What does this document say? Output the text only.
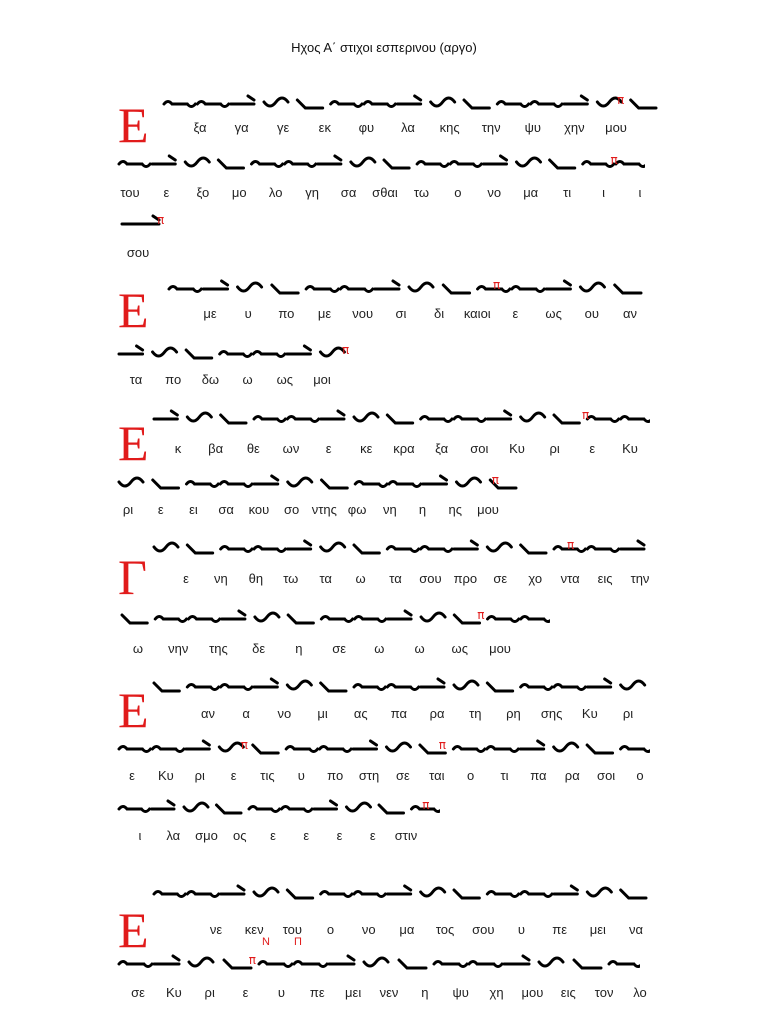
Ηχος Α΄ στιχοι εσπερινου (αργο)
Ε	π
π
π
ξα γα γε εκ φυ λα κης την ψυ χην μου
του ε ξο μο λο γη σα σθαι τω ο νο μα τι ι	ι
σου
Ε	π
π
με υ πο με νου σι δι καιοι ε ως ου αν
τα πο δω ω ως μοι
Ε	π
π
κ βα θε ων ε κε κρα ξα σοι Κυ ρι ε Κυ
ρι ε ει σα κου σο ντης φω νη η ης μου
Γ
π
π
ε νη θη τω τα ω τα σου προ σε χο ντα εις την
ω νην της δε η σε ω ω ως μου
Ε
π	π
π
αν α νο μι ας πα ρα τη ρη σης Κυ ρι
ε Κυ ρι ε τις υ πο στη σε ται ο τι πα ρα σοι ο
ι λα σμο ος ε ε ε ε στιν
Ε
π
νε κεν του ο νο μα τος σου υ πε μει να
σε Κυ ρι ε υ πε μει νεν η ψυ χη μου εις τον λο
Ν Π
